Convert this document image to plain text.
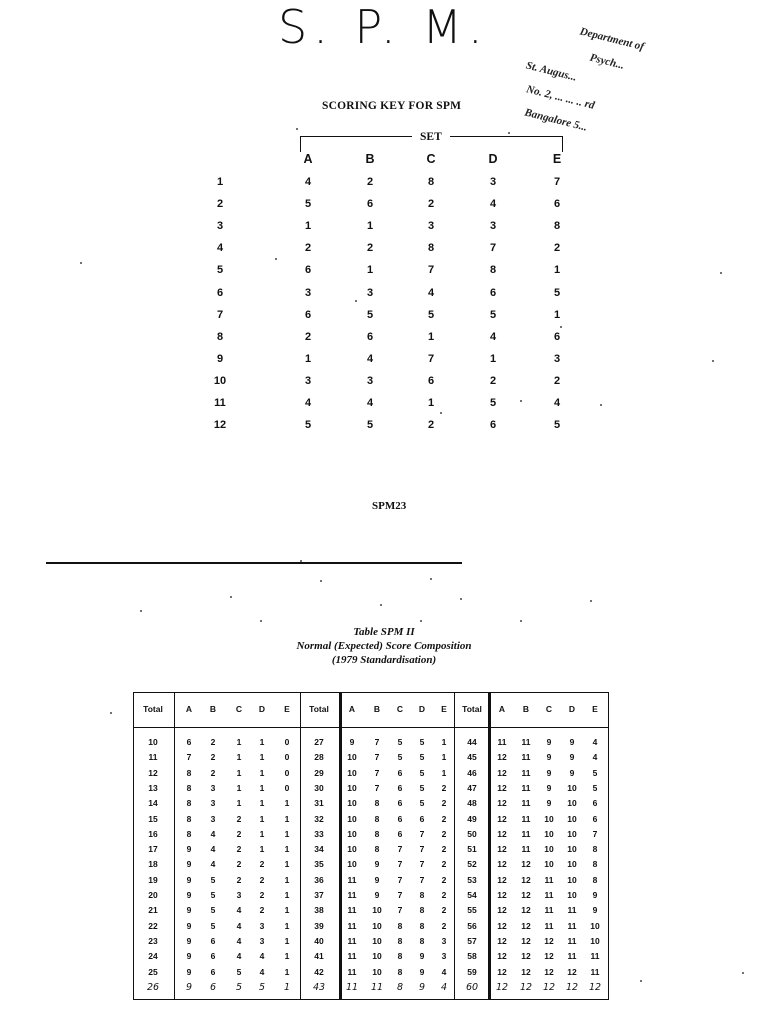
S. P. M.	Department of
Psych...
St. Augus...
No. 2, ... ... .. rd
Bangalore 5...
SCORING KEY FOR SPM
SET
A	B	C	D	E
1	4	2	8	3	7
2	5	6	2	4	6
3	1	1	3	3	8
4	2	2	8	7	2
5	6	1	7	8	1
6	3	3	4	6	5
7	6	5	5	5	1
8	2	6	1	4	6
9	1	4	7	1	3
10	3	3	6	2	2
11	4	4	1	5	4
12	5	5	2	6	5
SPM23
Table SPM II
Normal (Expected) Score Composition
(1979 Standardisation)
Total	A	B	C	D	E	Total	A	B	C	D	E	Total	A	B	C	D	E
10	6	2	1	1	0	27	9	7	5	5	1	44	11	11	9	9	4
11	7	2	1	1	0	28	10	7	5	5	1	45	12	11	9	9	4
12	8	2	1	1	0	29	10	7	6	5	1	46	12	11	9	9	5
13	8	3	1	1	0	30	10	7	6	5	2	47	12	11	9	10	5
14	8	3	1	1	1	31	10	8	6	5	2	48	12	11	9	10	6
15	8	3	2	1	1	32	10	8	6	6	2	49	12	11	10	10	6
16	8	4	2	1	1	33	10	8	6	7	2	50	12	11	10	10	7
17	9	4	2	1	1	34	10	8	7	7	2	51	12	11	10	10	8
18	9	4	2	2	1	35	10	9	7	7	2	52	12	12	10	10	8
19	9	5	2	2	1	36	11	9	7	7	2	53	12	12	11	10	8
20	9	5	3	2	1	37	11	9	7	8	2	54	12	12	11	10	9
21	9	5	4	2	1	38	11	10	7	8	2	55	12	12	11	11	9
22	9	5	4	3	1	39	11	10	8	8	2	56	12	12	11	11	10
23	9	6	4	3	1	40	11	10	8	8	3	57	12	12	12	11	10
24	9	6	4	4	1	41	11	10	8	9	3	58	12	12	12	11	11
25	9	6	5	4	1	42	11	10	8	9	4	59	12	12	12	12	11
26	9	6	5	5	1	43	11	11	8	9	4	60	12	12	12	12	12
